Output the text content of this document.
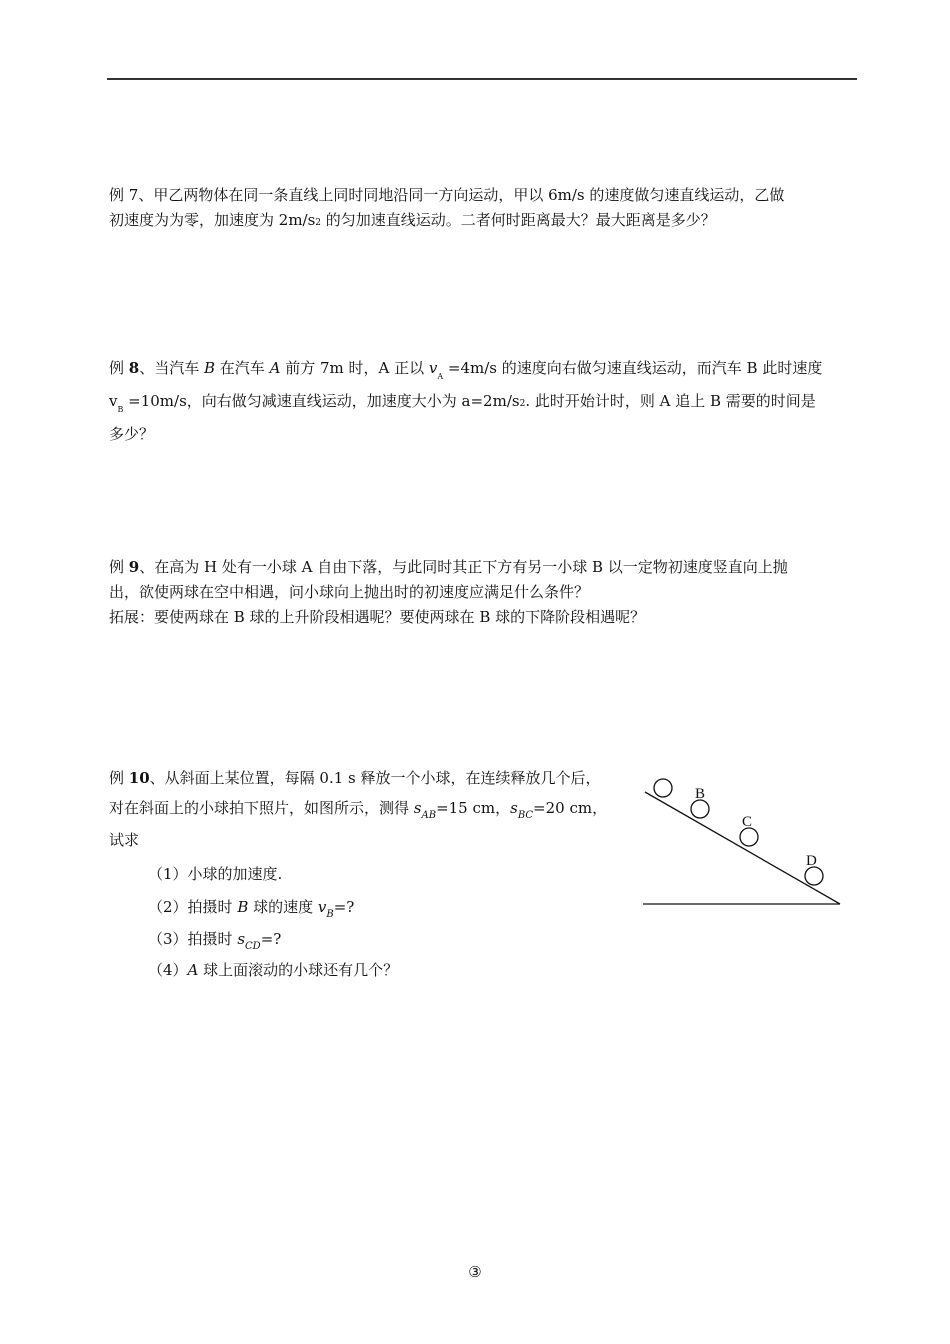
例 7、甲乙两物体在同一条直线上同时同地沿同一方向运动，甲以 6m/s 的速度做匀速直线运动，乙做
初速度为为零，加速度为 2m/s2 的匀加速直线运动。二者何时距离最大？最大距离是多少？
例 8、当汽车 B 在汽车 A 前方 7m 时，A 正以 $v_A =4m/s$ 的速度向右做匀速直线运动，而汽车 B 此时速度
$v_B =10m/s$，向右做匀减速直线运动，加速度大小为 a=2m/s2. 此时开始计时，则 A 追上 B 需要的时间是
多少？
例 9、在高为 H 处有一小球 A 自由下落，与此同时其正下方有另一小球 B 以一定物初速度竖直向上抛
出，欲使两球在空中相遇，问小球向上抛出时的初速度应满足什么条件？
拓展：要使两球在 B 球的上升阶段相遇呢？要使两球在 B 球的下降阶段相遇呢？
例 10、从斜面上某位置，每隔 0.1 s 释放一个小球，在连续释放几个后，
对在斜面上的小球拍下照片，如图所示，测得 $s_{AB}=15$ cm，$s_{BC}=20$ cm，
试求
（1）小球的加速度.
（2）拍摄时 B 球的速度 $v_B=$?
（3）拍摄时 $s_{CD}=$?
（4）A 球上面滚动的小球还有几个？
B
C
D
③
